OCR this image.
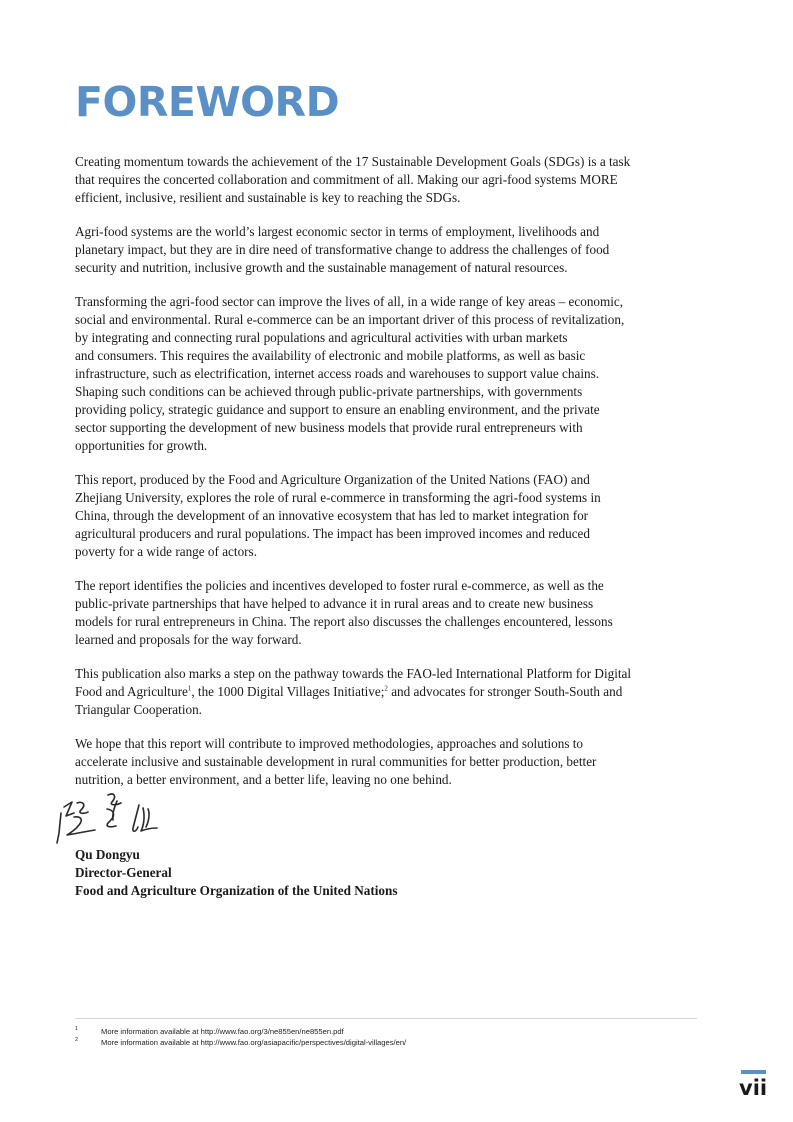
FOREWORD

Creating momentum towards the achievement of the 17 Sustainable Development Goals (SDGs) is a task
that requires the concerted collaboration and commitment of all. Making our agri-food systems MORE
efficient, inclusive, resilient and sustainable is key to reaching the SDGs.

Agri-food systems are the world’s largest economic sector in terms of employment, livelihoods and
planetary impact, but they are in dire need of transformative change to address the challenges of food
security and nutrition, inclusive growth and the sustainable management of natural resources.

Transforming the agri-food sector can improve the lives of all, in a wide range of key areas – economic,
social and environmental. Rural e-commerce can be an important driver of this process of revitalization,
by integrating and connecting rural populations and agricultural activities with urban markets
and consumers. This requires the availability of electronic and mobile platforms, as well as basic
infrastructure, such as electrification, internet access roads and warehouses to support value chains.
Shaping such conditions can be achieved through public-private partnerships, with governments
providing policy, strategic guidance and support to ensure an enabling environment, and the private
sector supporting the development of new business models that provide rural entrepreneurs with
opportunities for growth.

This report, produced by the Food and Agriculture Organization of the United Nations (FAO) and
Zhejiang University, explores the role of rural e-commerce in transforming the agri-food systems in
China, through the development of an innovative ecosystem that has led to market integration for
agricultural producers and rural populations. The impact has been improved incomes and reduced
poverty for a wide range of actors.

The report identifies the policies and incentives developed to foster rural e-commerce, as well as the
public-private partnerships that have helped to advance it in rural areas and to create new business
models for rural entrepreneurs in China. The report also discusses the challenges encountered, lessons
learned and proposals for the way forward.

This publication also marks a step on the pathway towards the FAO-led International Platform for Digital
Food and Agriculture$^1$, the 1000 Digital Villages Initiative;$^2$ and advocates for stronger South-South and
Triangular Cooperation.

We hope that this report will contribute to improved methodologies, approaches and solutions to
accelerate inclusive and sustainable development in rural communities for better production, better
nutrition, a better environment, and a better life, leaving no one behind.

Qu Dongyu
Director-General
Food and Agriculture Organization of the United Nations
1	More information available at http://www.fao.org/3/ne855en/ne855en.pdf
2	More information available at http://www.fao.org/asiapacific/perspectives/digital-villages/en/
vii
